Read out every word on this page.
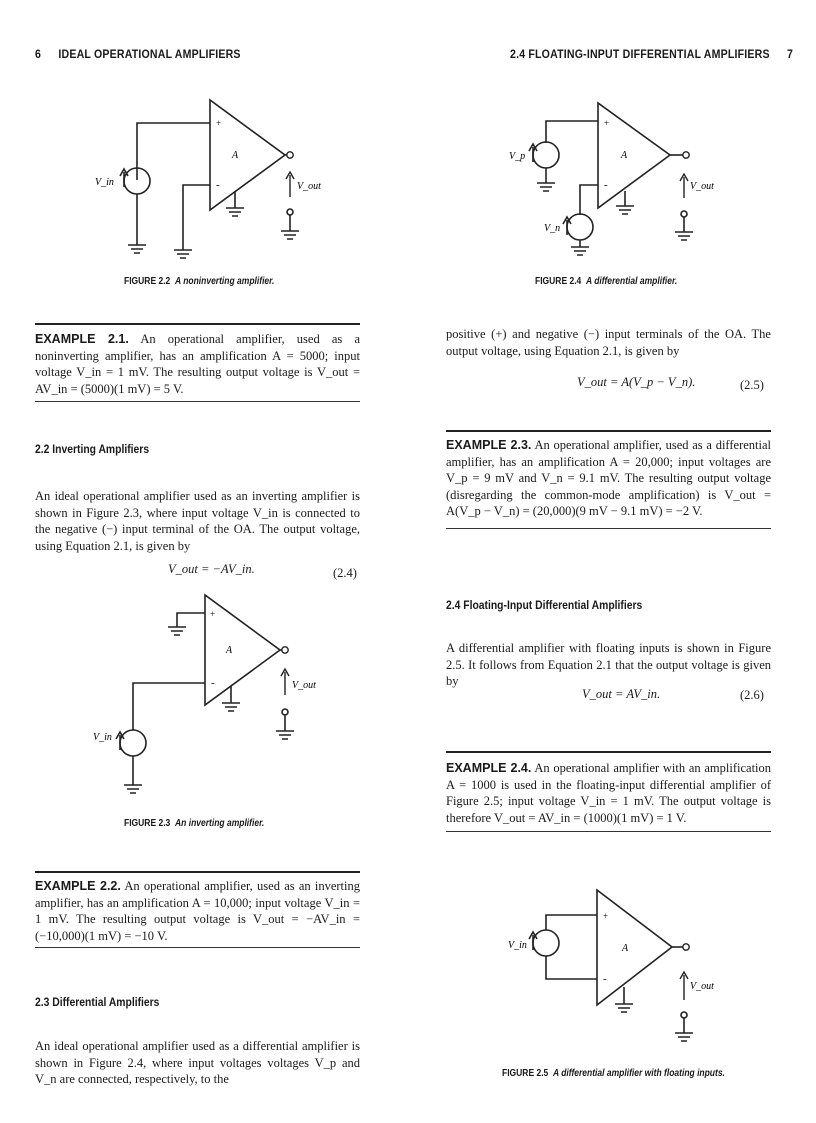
6 IDEAL OPERATIONAL AMPLIFIERS
+
-
A
V_in	V_out
FIGURE 2.2 A noninverting amplifier.
EXAMPLE 2.1. An operational amplifier, used as a noninverting amplifier, has an amplification A = 5000; input voltage V_in = 1 mV. The resulting output voltage is V_out = AV_in = (5000)(1 mV) = 5 V.
2.2 Inverting Amplifiers
An ideal operational amplifier used as an inverting amplifier is shown in Figure 2.3, where input voltage V_in is connected to the negative (−) input terminal of the OA. The output voltage, using Equation 2.1, is given by
V_out = −AV_in.	(2.4)
+
-
A
V_in
V_out
FIGURE 2.3 An inverting amplifier.
EXAMPLE 2.2. An operational amplifier, used as an inverting amplifier, has an amplification A = 10,000; input voltage V_in = 1 mV. The resulting output voltage is V_out = −AV_in = (−10,000)(1 mV) = −10 V.
2.3 Differential Amplifiers
An ideal operational amplifier used as a differential amplifier is shown in Figure 2.4, where input voltages voltages V_p and V_n are connected, respectively, to the
2.4 FLOATING-INPUT DIFFERENTIAL AMPLIFIERS 7
+
-
A
V_p
V_n
V_out
FIGURE 2.4 A differential amplifier.
positive (+) and negative (−) input terminals of the OA. The output voltage, using Equation 2.1, is given by
V_out = A(V_p − V_n).	(2.5)
EXAMPLE 2.3. An operational amplifier, used as a differential amplifier, has an amplification A = 20,000; input voltages are V_p = 9 mV and V_n = 9.1 mV. The resulting output voltage (disregarding the common-mode amplification) is V_out = A(V_p − V_n) = (20,000)(9 mV − 9.1 mV) = −2 V.
2.4 Floating-Input Differential Amplifiers
A differential amplifier with floating inputs is shown in Figure 2.5. It follows from Equation 2.1 that the output voltage is given by
V_out = AV_in.	(2.6)
EXAMPLE 2.4. An operational amplifier with an amplification A = 1000 is used in the floating-input differential amplifier of Figure 2.5; input voltage V_in = 1 mV. The output voltage is therefore V_out = AV_in = (1000)(1 mV) = 1 V.
+
-
A
V_in
V_out
FIGURE 2.5 A differential amplifier with floating inputs.
